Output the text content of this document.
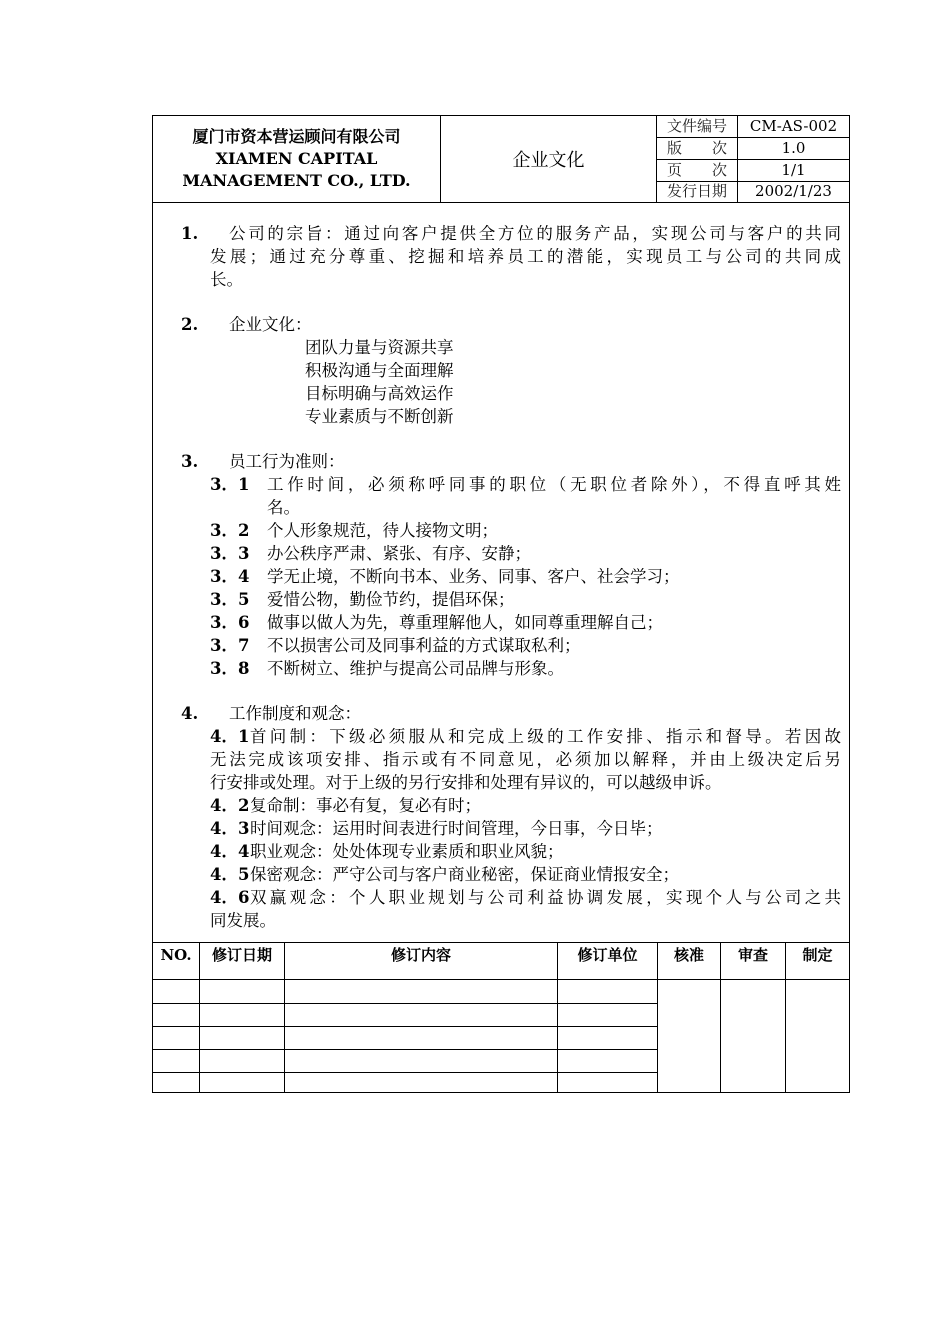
厦门市资本营运顾问有限公司
XIAMEN CAPITAL
MANAGEMENT CO., LTD.
企业文化
文件编号	CM-AS-002
版　　次	1.0
页　　次	1/1
发行日期	2002/1/23
1. 公司的宗旨：通过向客户提供全方位的服务产品，实现公司与客户的共同
发展；通过充分尊重、挖掘和培养员工的潜能，实现员工与公司的共同成
长。
2. 企业文化：
团队力量与资源共享
积极沟通与全面理解
目标明确与高效运作
专业素质与不断创新
3. 员工行为准则：
3．1 工作时间，必须称呼同事的职位（无职位者除外），不得直呼其姓
名。
3．2 个人形象规范，待人接物文明；
3．3 办公秩序严肃、紧张、有序、安静；
3．4 学无止境，不断向书本、业务、同事、客户、社会学习；
3．5 爱惜公物，勤俭节约，提倡环保；
3．6 做事以做人为先，尊重理解他人，如同尊重理解自己；
3．7 不以损害公司及同事利益的方式谋取私利；
3．8 不断树立、维护与提高公司品牌与形象。
4. 工作制度和观念：
4．1 首问制：下级必须服从和完成上级的工作安排、指示和督导。若因故
无法完成该项安排、指示或有不同意见，必须加以解释，并由上级决定后另
行安排或处理。对于上级的另行安排和处理有异议的，可以越级申诉。
4．2 复命制：事必有复，复必有时；
4．3 时间观念：运用时间表进行时间管理，今日事，今日毕；
4．4 职业观念：处处体现专业素质和职业风貌；
4．5 保密观念：严守公司与客户商业秘密，保证商业情报安全；
4．6 双赢观念：个人职业规划与公司利益协调发展，实现个人与公司之共
同发展。
NO.	修订日期	修订内容	修订单位	核准	审查	制定
